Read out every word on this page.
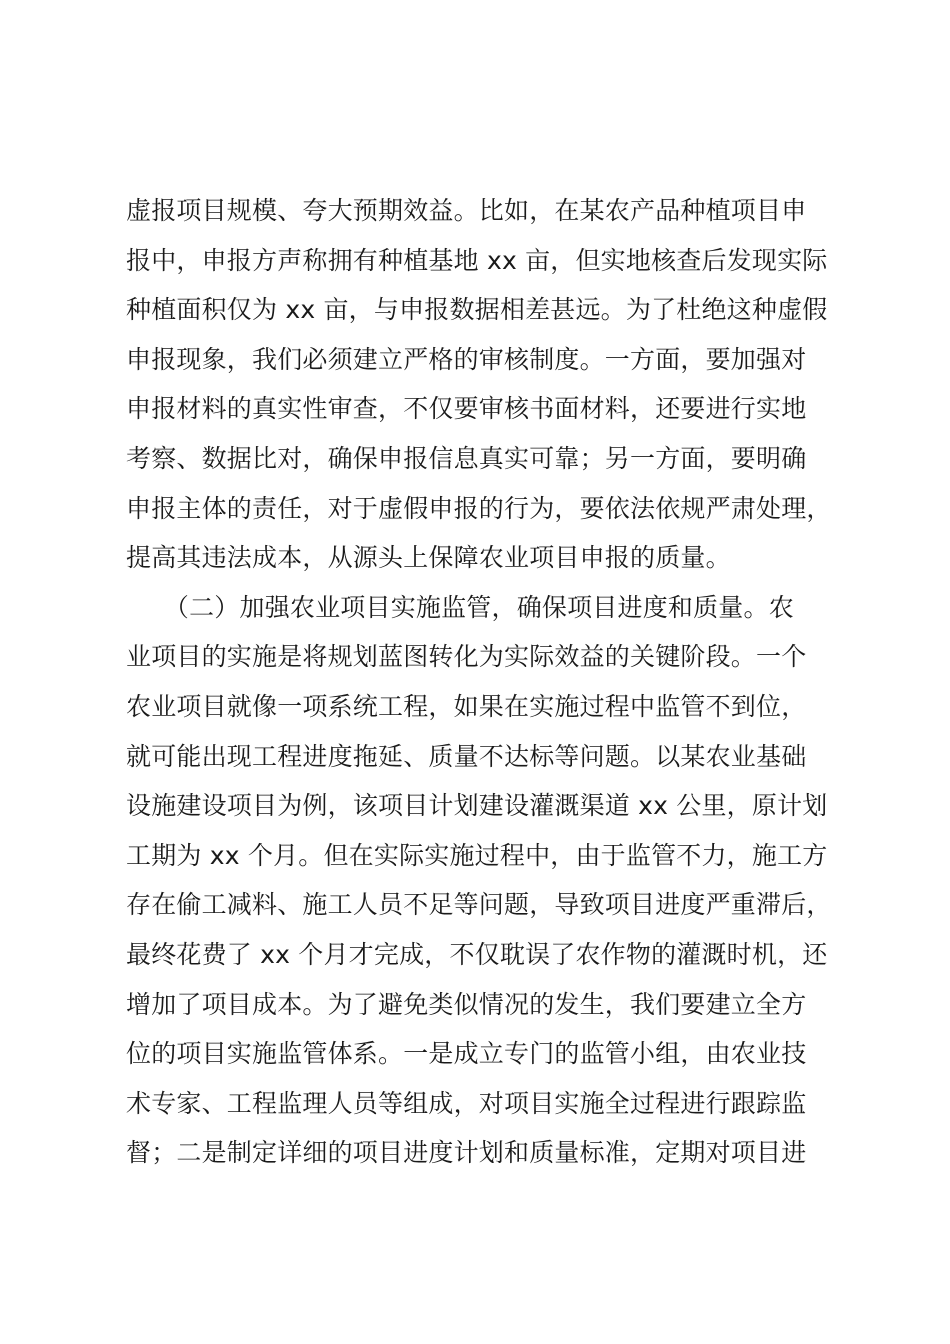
虚报项目规模、夸大预期效益。比如，在某农产品种植项目申
报中，申报方声称拥有种植基地 xx 亩，但实地核查后发现实际
种植面积仅为 xx 亩，与申报数据相差甚远。为了杜绝这种虚假
申报现象，我们必须建立严格的审核制度。一方面，要加强对
申报材料的真实性审查，不仅要审核书面材料，还要进行实地
考察、数据比对，确保申报信息真实可靠；另一方面，要明确
申报主体的责任，对于虚假申报的行为，要依法依规严肃处理，
提高其违法成本，从源头上保障农业项目申报的质量。
　　（二）加强农业项目实施监管，确保项目进度和质量。农
业项目的实施是将规划蓝图转化为实际效益的关键阶段。一个
农业项目就像一项系统工程，如果在实施过程中监管不到位，
就可能出现工程进度拖延、质量不达标等问题。以某农业基础
设施建设项目为例，该项目计划建设灌溉渠道 xx 公里，原计划
工期为 xx 个月。但在实际实施过程中，由于监管不力，施工方
存在偷工减料、施工人员不足等问题，导致项目进度严重滞后，
最终花费了 xx 个月才完成，不仅耽误了农作物的灌溉时机，还
增加了项目成本。为了避免类似情况的发生，我们要建立全方
位的项目实施监管体系。一是成立专门的监管小组，由农业技
术专家、工程监理人员等组成，对项目实施全过程进行跟踪监
督；二是制定详细的项目进度计划和质量标准，定期对项目进
